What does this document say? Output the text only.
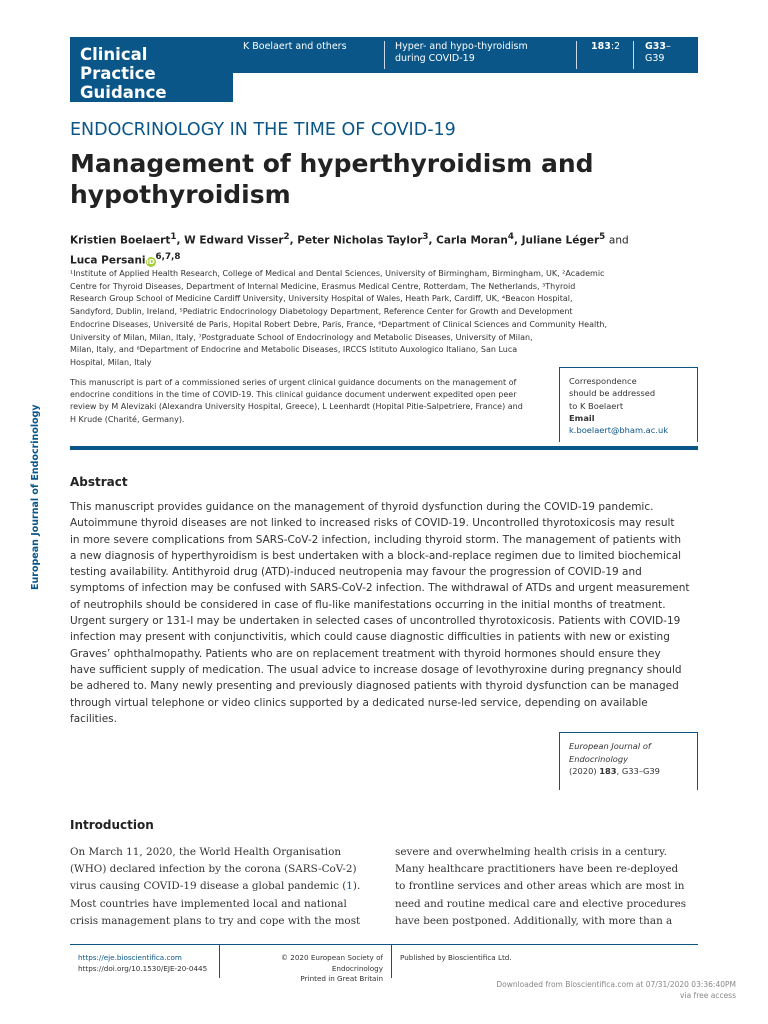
Clinical Practice
Guidance
K Boelaert and others	Hyper- and hypo-thyroidism
during COVID-19
183:2	G33–G39
ENDOCRINOLOGY IN THE TIME OF COVID-19
Management of hyperthyroidism and
hypothyroidism
Kristien Boelaert$^1$, W Edward Visser$^2$, Peter Nicholas Taylor$^3$, Carla Moran$^4$, Juliane Léger$^5$ and
Luca PersaniiD$^{6,7,8}$
¹Institute of Applied Health Research, College of Medical and Dental Sciences, University of Birmingham, Birmingham, UK, ²Academic
Centre for Thyroid Diseases, Department of Internal Medicine, Erasmus Medical Centre, Rotterdam, The Netherlands, ³Thyroid
Research Group School of Medicine Cardiff University, University Hospital of Wales, Heath Park, Cardiff, UK, ⁴Beacon Hospital,
Sandyford, Dublin, Ireland, ⁵Pediatric Endocrinology Diabetology Department, Reference Center for Growth and Development
Endocrine Diseases, Université de Paris, Hopital Robert Debre, Paris, France, ⁶Department of Clinical Sciences and Community Health,
University of Milan, Milan, Italy, ⁷Postgraduate School of Endocrinology and Metabolic Diseases, University of Milan,
Milan, Italy, and ⁸Department of Endocrine and Metabolic Diseases, IRCCS Istituto Auxologico Italiano, San Luca
Hospital, Milan, Italy
This manuscript is part of a commissioned series of urgent clinical guidance documents on the management of
endocrine conditions in the time of COVID-19. This clinical guidance document underwent expedited open peer
review by M Alevizaki (Alexandra University Hospital, Greece), L Leenhardt (Hopital Pitie-Salpetriere, France) and
H Krude (Charité, Germany).
Correspondence
should be addressed
to K Boelaert
Email
k.boelaert@bham.ac.uk
European Journal of Endocrinology Abstract
This manuscript provides guidance on the management of thyroid dysfunction during the COVID-19 pandemic.
Autoimmune thyroid diseases are not linked to increased risks of COVID-19. Uncontrolled thyrotoxicosis may result
in more severe complications from SARS-CoV-2 infection, including thyroid storm. The management of patients with
a new diagnosis of hyperthyroidism is best undertaken with a block-and-replace regimen due to limited biochemical
testing availability. Antithyroid drug (ATD)-induced neutropenia may favour the progression of COVID-19 and
symptoms of infection may be confused with SARS-CoV-2 infection. The withdrawal of ATDs and urgent measurement
of neutrophils should be considered in case of flu-like manifestations occurring in the initial months of treatment.
Urgent surgery or 131-I may be undertaken in selected cases of uncontrolled thyrotoxicosis. Patients with COVID-19
infection may present with conjunctivitis, which could cause diagnostic difficulties in patients with new or existing
Graves’ ophthalmopathy. Patients who are on replacement treatment with thyroid hormones should ensure they
have sufficient supply of medication. The usual advice to increase dosage of levothyroxine during pregnancy should
be adhered to. Many newly presenting and previously diagnosed patients with thyroid dysfunction can be managed
through virtual telephone or video clinics supported by a dedicated nurse-led service, depending on available facilities.
European Journal of
Endocrinology
(2020) 183, G33–G39
Introduction
On March 11, 2020, the World Health Organisation
(WHO) declared infection by the corona (SARS-CoV-2)
virus causing COVID-19 disease a global pandemic (1).
Most countries have implemented local and national
crisis management plans to try and cope with the most
severe and overwhelming health crisis in a century.
Many healthcare practitioners have been re-deployed
to frontline services and other areas which are most in
need and routine medical care and elective procedures
have been postponed. Additionally, with more than a
https://eje.bioscientifica.com
https://doi.org/10.1530/EJE-20-0445
© 2020 European Society of Endocrinology
Printed in Great Britain
Published by Bioscientifica Ltd.
Downloaded from Bioscientifica.com at 07/31/2020 03:36:40PM
via free access
